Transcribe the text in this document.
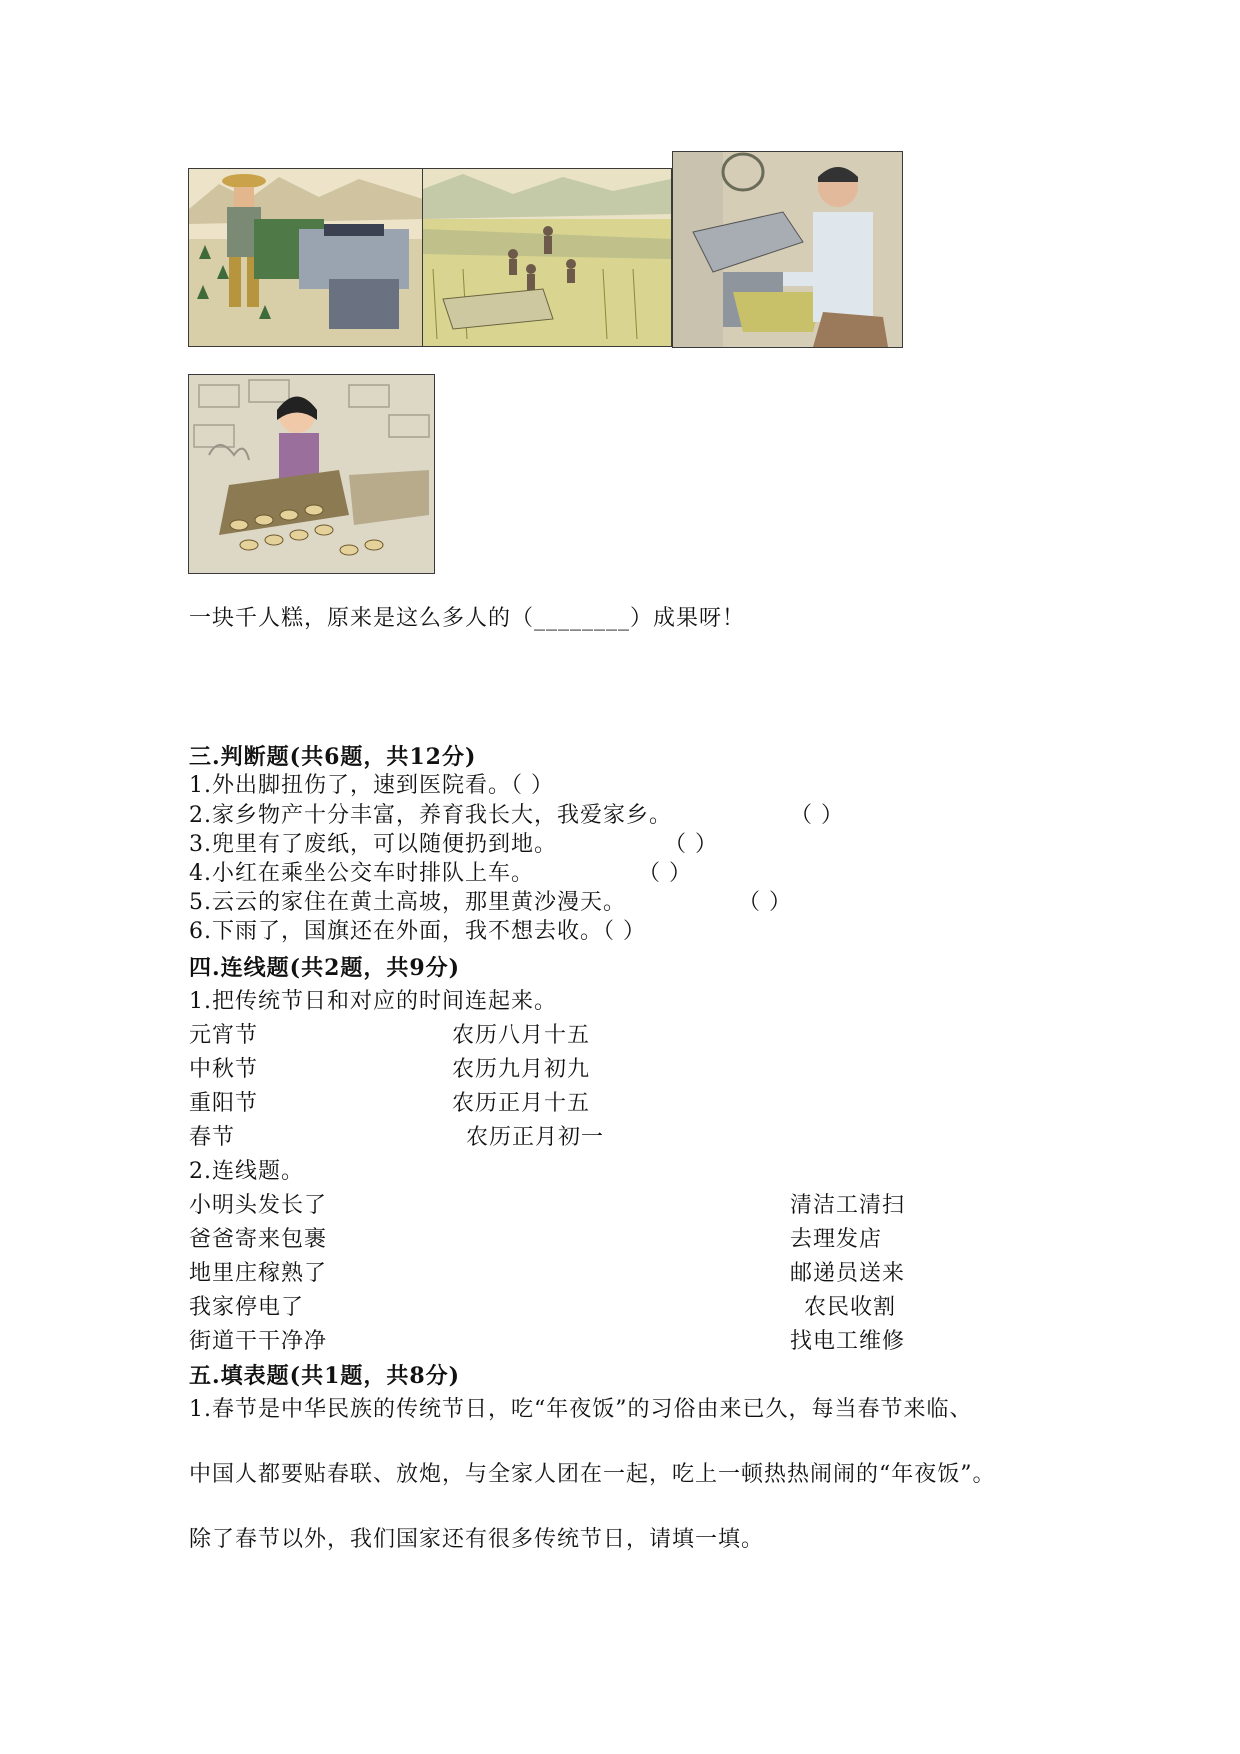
一块千人糕，原来是这么多人的（________）成果呀！
三.判断题(共6题，共12分)
1.外出脚扭伤了，速到医院看。（ ）
2.家乡物产十分丰富，养育我长大，我爱家乡。	（ ）
3.兜里有了废纸，可以随便扔到地。	（ ）
4.小红在乘坐公交车时排队上车。	（ ）
5.云云的家住在黄土高坡，那里黄沙漫天。	（ ）
6.下雨了，国旗还在外面，我不想去收。（ ）
四.连线题(共2题，共9分)
1.把传统节日和对应的时间连起来。
元宵节	农历八月十五
中秋节	农历九月初九
重阳节	农历正月十五
春节	农历正月初一
2.连线题。
小明头发长了	清洁工清扫
爸爸寄来包裹	去理发店
地里庄稼熟了	邮递员送来
我家停电了	农民收割
街道干干净净	找电工维修
五.填表题(共1题，共8分)
1.春节是中华民族的传统节日，吃“年夜饭”的习俗由来已久，每当春节来临、
中国人都要贴春联、放炮，与全家人团在一起，吃上一顿热热闹闹的“年夜饭”。
除了春节以外，我们国家还有很多传统节日，请填一填。
